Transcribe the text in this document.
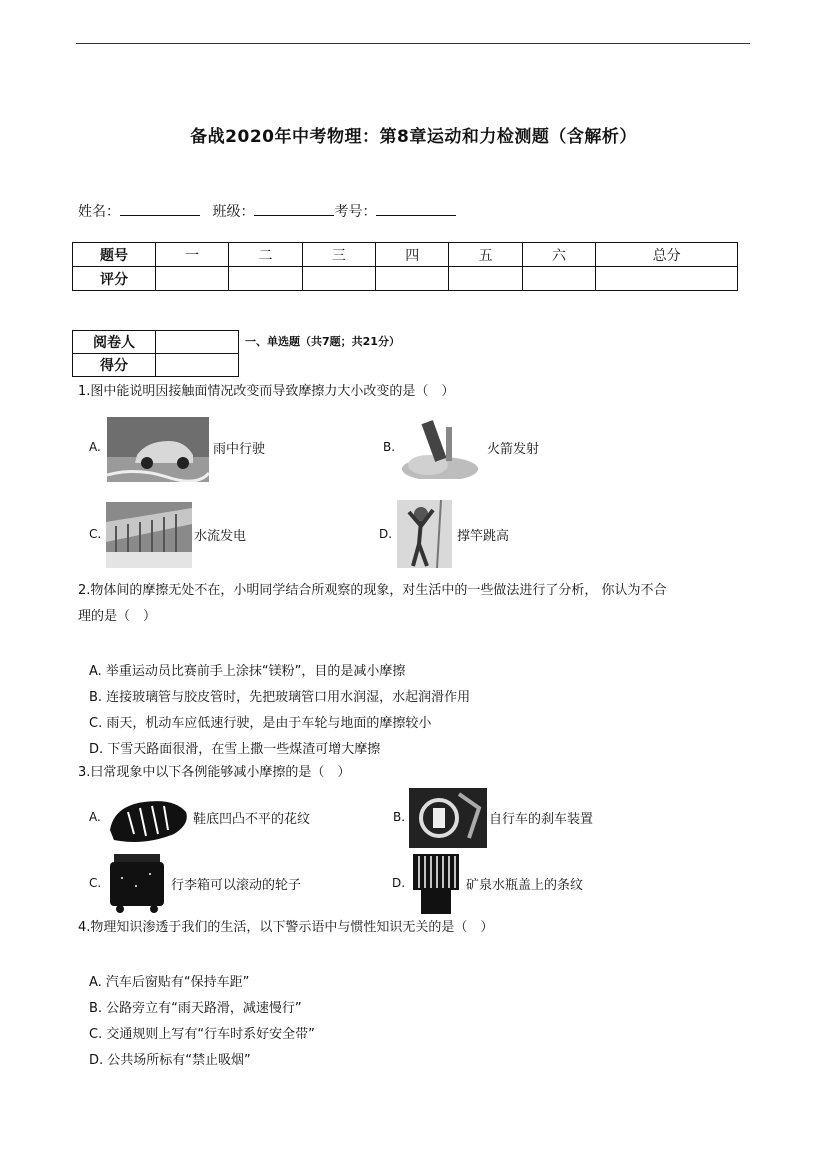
备战2020年中考物理：第8章运动和力检测题（含解析）
姓名：	班级：	考号：
题号	一	二	三	四	五	六	总分
评分							
阅卷人	
得分	
一、单选题（共7题；共21分）
1.图中能说明因接触面情况改变而导致摩擦力大小改变的是（　）
A.	雨中行驶	B.	火箭发射
C.	水流发电	D.	撑竿跳高
2.物体间的摩擦无处不在，小明同学结合所观察的现象，对生活中的一些做法进行了分析， 你认为不合
理的是（　）
A. 举重运动员比赛前手上涂抹“镁粉”，目的是减小摩擦
B. 连接玻璃管与胶皮管时，先把玻璃管口用水润湿，水起润滑作用
C. 雨天，机动车应低速行驶，是由于车轮与地面的摩擦较小
D. 下雪天路面很滑，在雪上撒一些煤渣可增大摩擦
3.曰常现象中以下各例能够减小摩擦的是（　）
A.	鞋底凹凸不平的花纹	B.	自行车的刹车装置
C.	行李箱可以滚动的轮子	D.	矿泉水瓶盖上的条纹
4.物理知识渗透于我们的生活，以下警示语中与惯性知识无关的是（　）
A. 汽车后窗贴有“保持车距”
B. 公路旁立有“雨天路滑，减速慢行”
C. 交通规则上写有“行车时系好安全带”
D. 公共场所标有“禁止吸烟”
